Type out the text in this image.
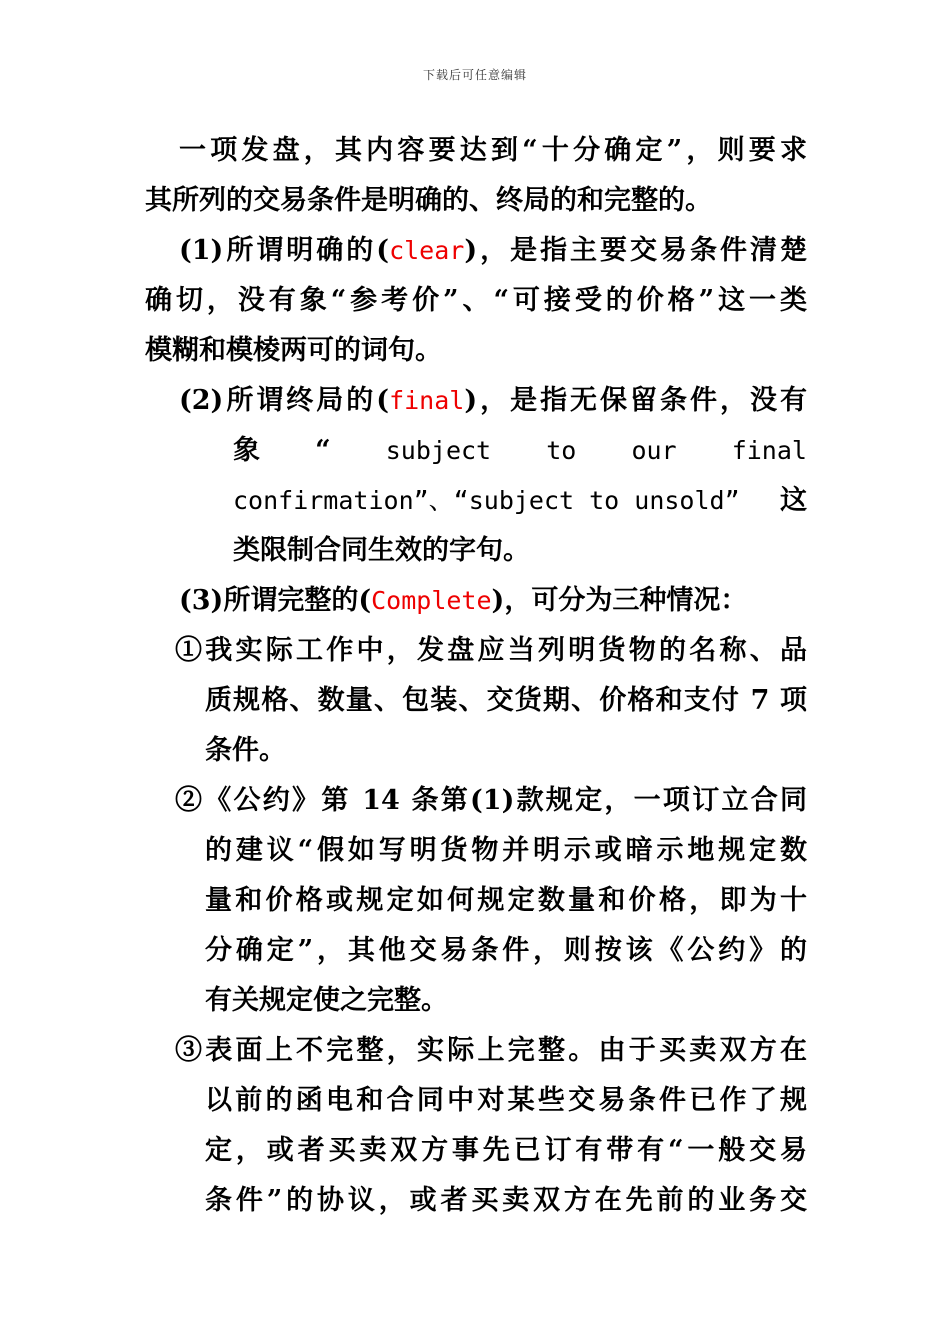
下载后可任意编辑
一项发盘，其内容要达到“十分确定”，则要求
其所列的交易条件是明确的、终局的和完整的。
(1)所谓明确的(clear)，是指主要交易条件清楚
确切，没有象“参考价”、“可接受的价格”这一类
模糊和模棱两可的词句。
(2)所谓终局的(final)，是指无保留条件，没有
象 “ subject to our final
confirmation”、“subject to unsold” 这
类限制合同生效的字句。
(3)所谓完整的(Complete)，可分为三种情况：
①我实际工作中，发盘应当列明货物的名称、品
质规格、数量、包装、交货期、价格和支付 7 项
条件。
②《公约》第 14 条第(1)款规定，一项订立合同
的建议“假如写明货物并明示或暗示地规定数
量和价格或规定如何规定数量和价格，即为十
分确定”，其他交易条件，则按该《公约》的
有关规定使之完整。
③表面上不完整，实际上完整。由于买卖双方在
以前的函电和合同中对某些交易条件已作了规
定，或者买卖双方事先已订有带有“一般交易
条件”的协议，或者买卖双方在先前的业务交
